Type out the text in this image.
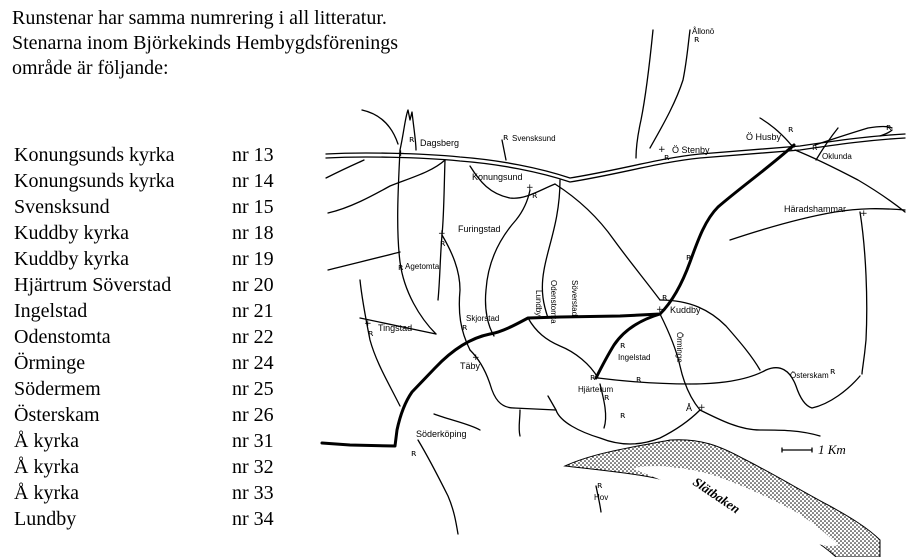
Runstenar har samma numrering i all litteratur.
Stenarna inom Björkekinds Hembygdsförenings
område är följande:
Konungsunds kyrka	nr 13
Konungsunds kyrka	nr 14
Svensksund	nr 15
Kuddby kyrka	nr 18
Kuddby kyrka	nr 19
Hjärtrum Söverstad	nr 20
Ingelstad	nr 21
Odenstomta	nr 22
Örminge	nr 24
Södermem	nr 25
Österskam	nr 26
Å kyrka	nr 31
Å kyrka	nr 32
Å kyrka	nr 33
Lundby	nr 34
Slätbaken
1 Km
ʀ
ʀ
+
ʀ
+
ʀ
ʀ
+ ʀ
ʀ
+
ʀ
+
+
ʀ
ʀ
ʀ
ʀ
+
+
ʀ
ʀ
ʀ
+
ʀ	ʀ
ʀ
ʀ
ʀ
+
ʀ
ʀ
Ållonö
Dagsberg	Svensksund
Ö Stenby
Ö Husby
Oklunda
Konungsund
Furingstad
Häradshammar
Agetomta
Lundby Odenstomta Söverstad	Kuddby
Tingstad
Skjorstad
Ingelstad	Örminge
Täby
Hjärterum
Österskam
Å
Söderköping
Hov
